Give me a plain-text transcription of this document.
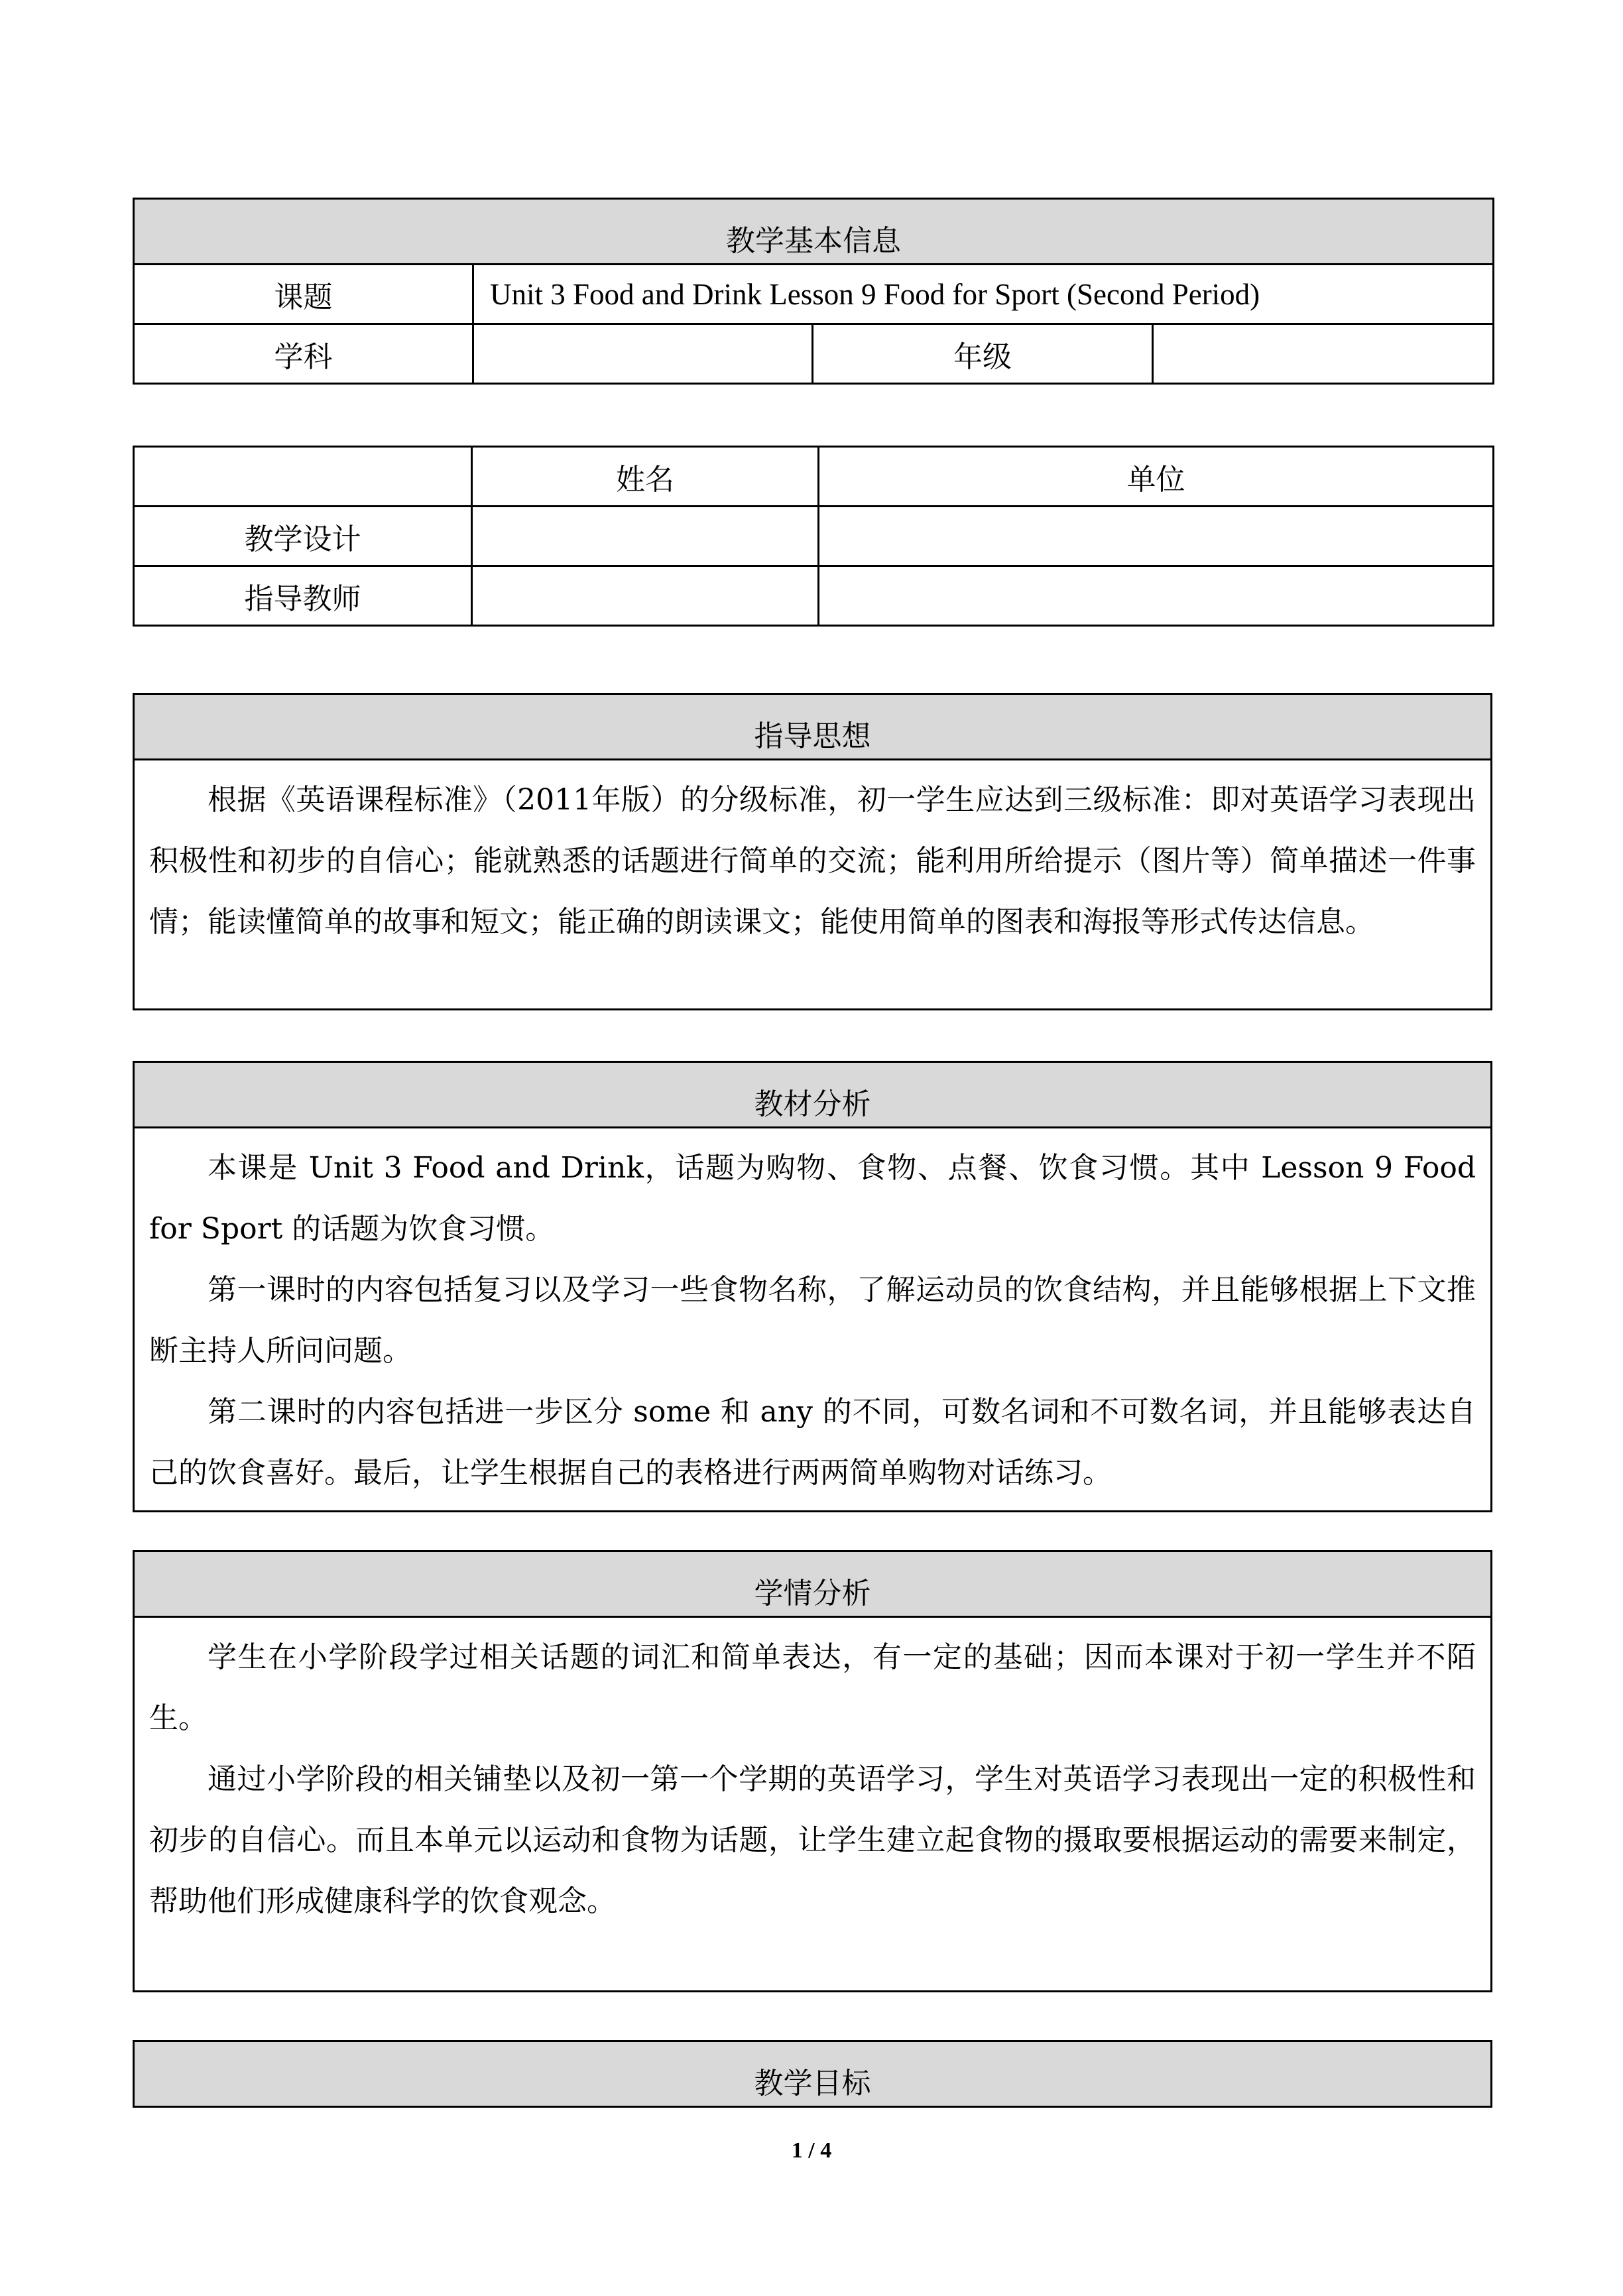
教学基本信息			
课题	Unit 3 Food and Drink Lesson 9 Food for Sport (Second Period)		
学科		年级	
	姓名	单位
教学设计		
指导教师		
指导思想

根据《英语课程标准》（2011年版）的分级标准，初一学生应达到三级标准：即对英语学习表现出积极性和初步的自信心；能就熟悉的话题进行简单的交流；能利用所给提示（图片等）简单描述一件事情；能读懂简单的故事和短文；能正确的朗读课文；能使用简单的图表和海报等形式传达信息。

教材分析

本课是 Unit 3 Food and Drink，话题为购物、食物、点餐、饮食习惯。其中 Lesson 9 Food for Sport 的话题为饮食习惯。

第一课时的内容包括复习以及学习一些食物名称，了解运动员的饮食结构，并且能够根据上下文推断主持人所问问题。

第二课时的内容包括进一步区分 some 和 any 的不同，可数名词和不可数名词，并且能够表达自己的饮食喜好。最后，让学生根据自己的表格进行两两简单购物对话练习。

学情分析

学生在小学阶段学过相关话题的词汇和简单表达，有一定的基础；因而本课对于初一学生并不陌生。

通过小学阶段的相关铺垫以及初一第一个学期的英语学习，学生对英语学习表现出一定的积极性和初步的自信心。而且本单元以运动和食物为话题，让学生建立起食物的摄取要根据运动的需要来制定，帮助他们形成健康科学的饮食观念。

教学目标
1 / 4
